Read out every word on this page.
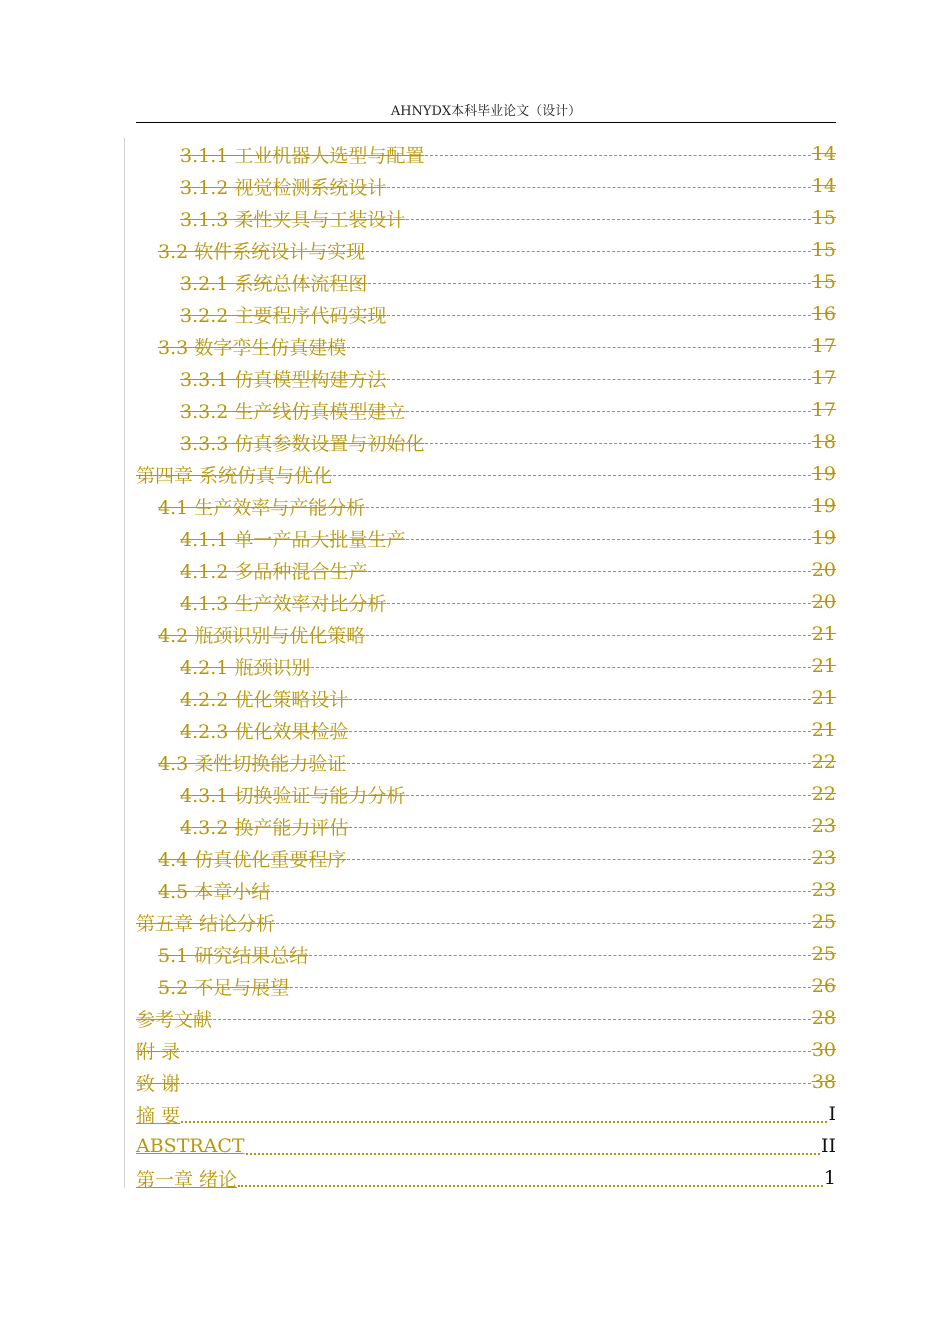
AHNYDX本科毕业论文（设计）
3.1.1 工业机器人选型与配置	14
3.1.2 视觉检测系统设计	14
3.1.3 柔性夹具与工装设计	15
3.2 软件系统设计与实现	15
3.2.1 系统总体流程图	15
3.2.2 主要程序代码实现	16
3.3 数字孪生仿真建模	17
3.3.1 仿真模型构建方法	17
3.3.2 生产线仿真模型建立	17
3.3.3 仿真参数设置与初始化	18
第四章 系统仿真与优化	19
4.1 生产效率与产能分析	19
4.1.1 单一产品大批量生产	19
4.1.2 多品种混合生产	20
4.1.3 生产效率对比分析	20
4.2 瓶颈识别与优化策略	21
4.2.1 瓶颈识别	21
4.2.2 优化策略设计	21
4.2.3 优化效果检验	21
4.3 柔性切换能力验证	22
4.3.1 切换验证与能力分析	22
4.3.2 换产能力评估	23
4.4 仿真优化重要程序	23
4.5 本章小结	23
第五章 结论分析	25
5.1 研究结果总结	25
5.2 不足与展望	26
参考文献	28
附 录	30
致 谢	38
摘 要	I
ABSTRACT	II
第一章 绪论	1
